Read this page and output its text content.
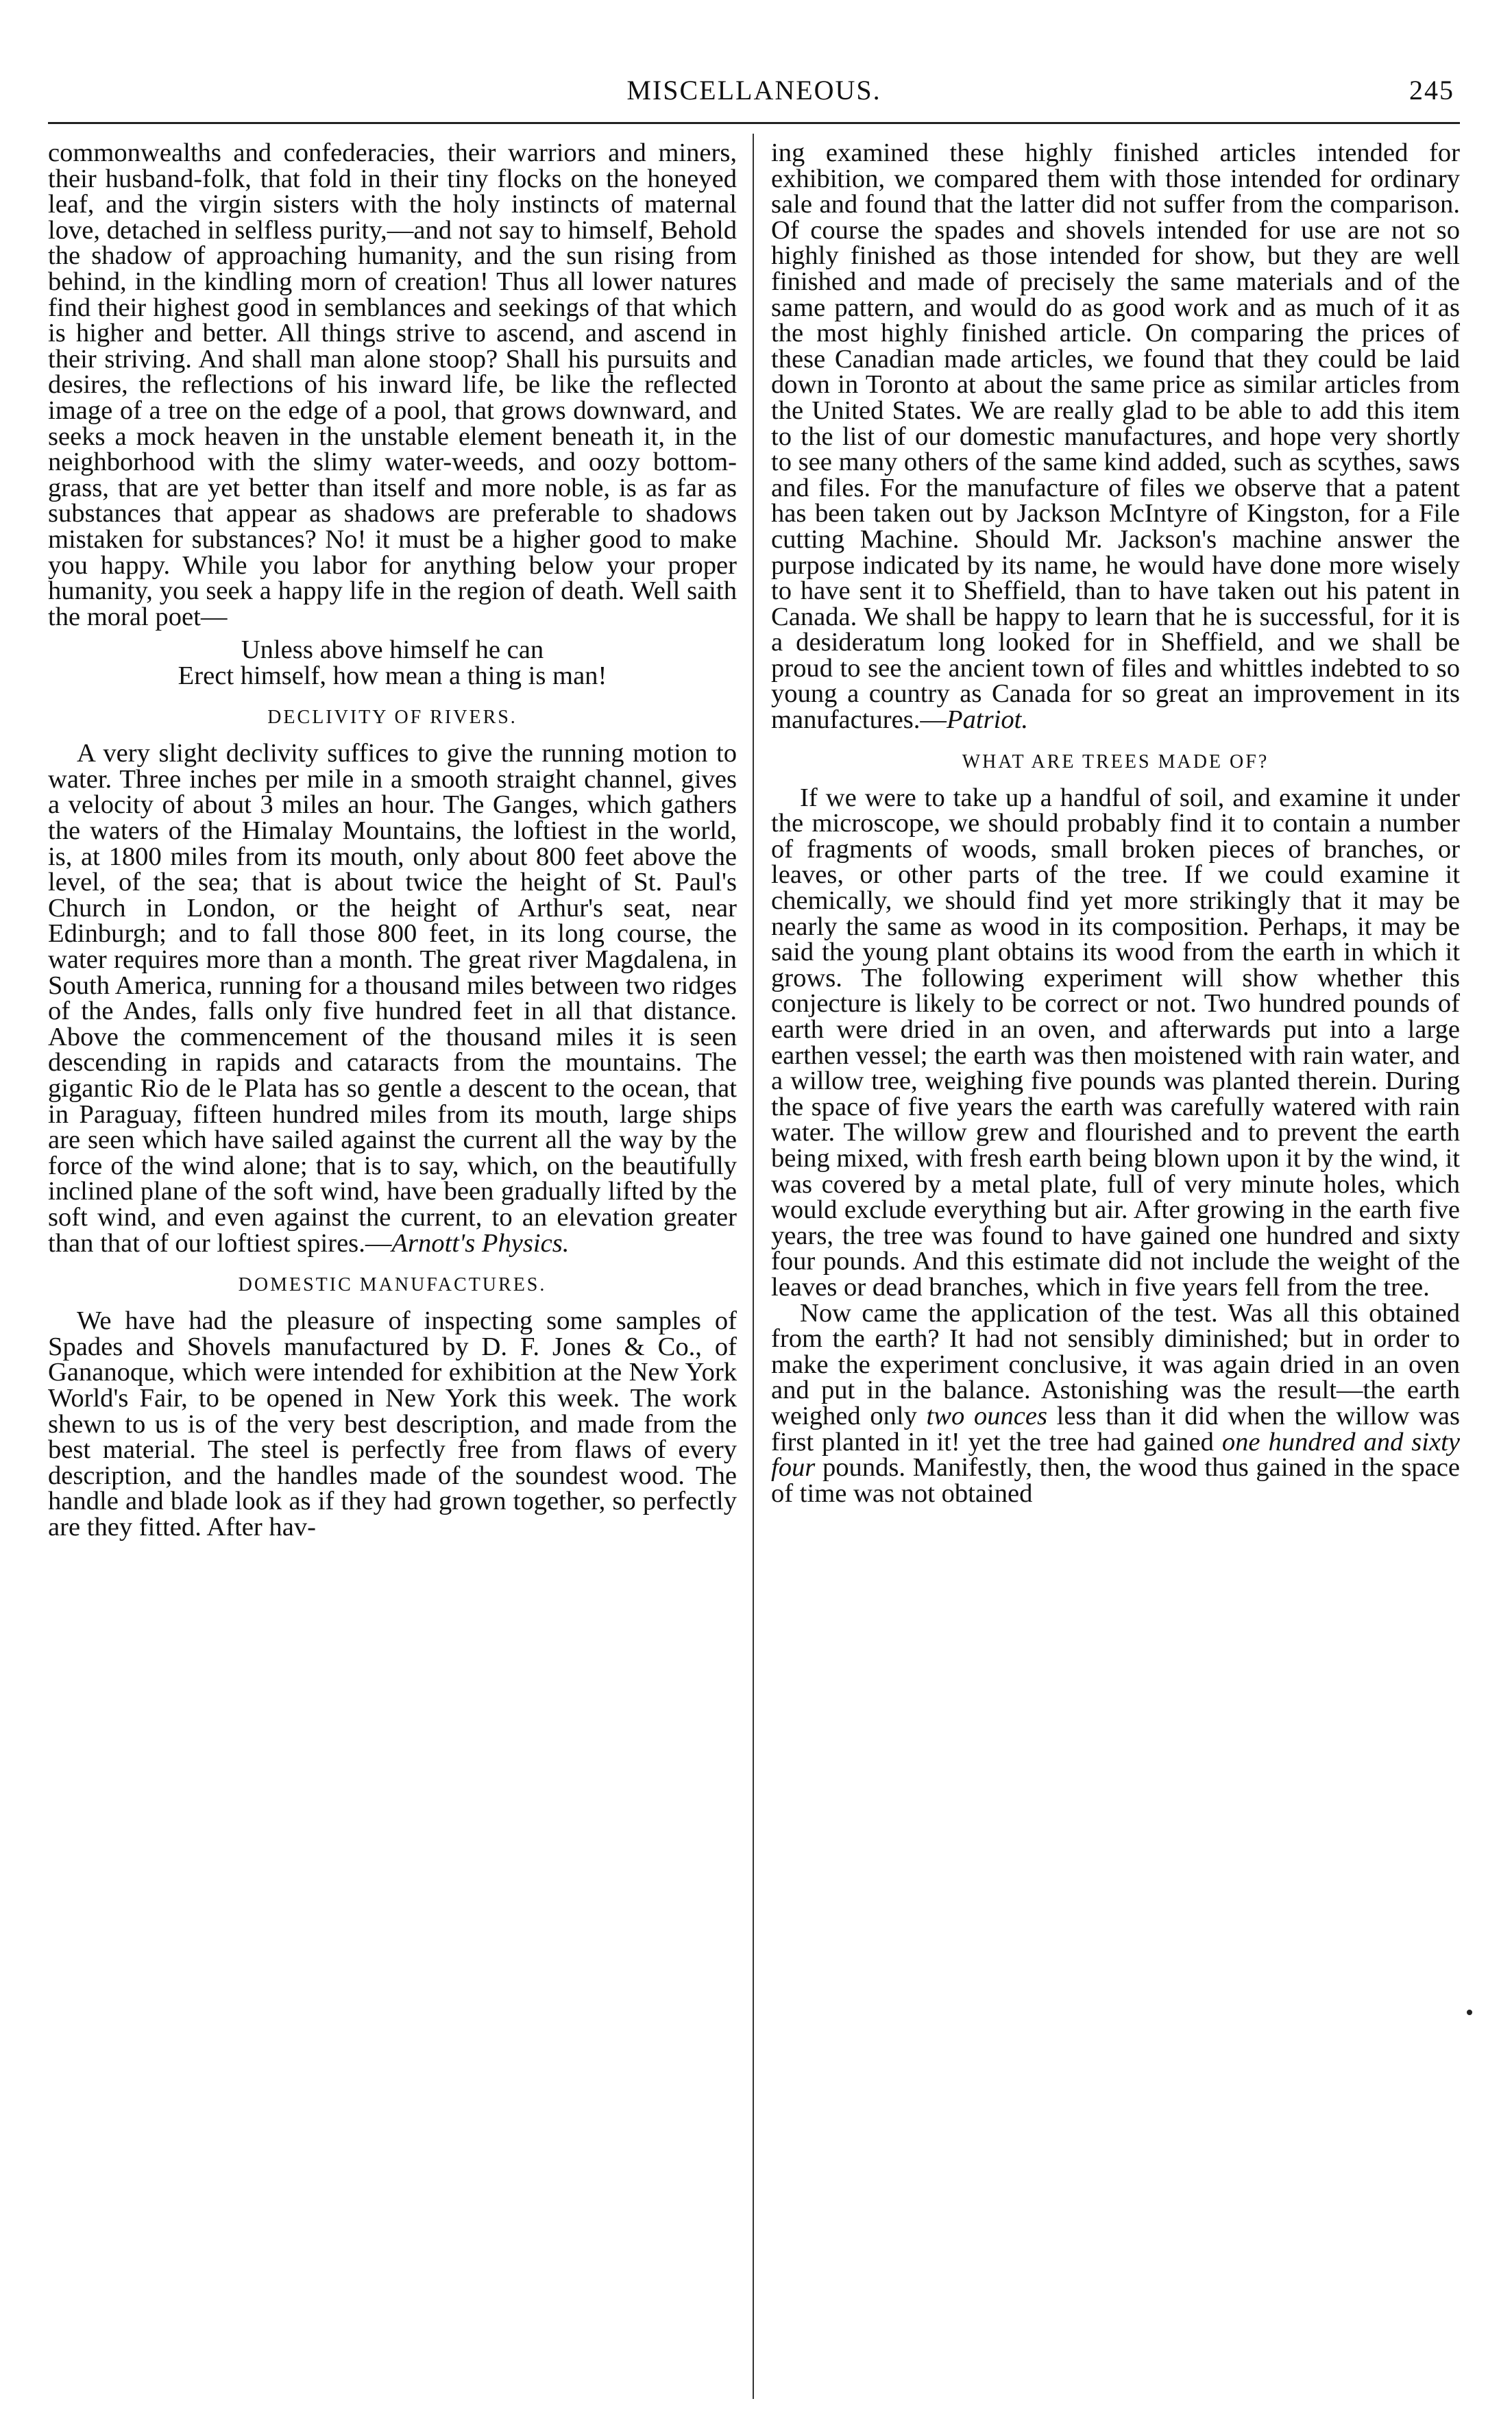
MISCELLANEOUS.	245

commonwealths and confederacies, their warriors and miners, their husband-folk, that fold in their tiny flocks on the honeyed leaf, and the virgin sisters with the holy instincts of maternal love, detached in selfless purity,—and not say to himself, Behold the shadow of approaching humanity, and the sun rising from behind, in the kindling morn of creation! Thus all lower natures find their highest good in semblances and seekings of that which is higher and better. All things strive to ascend, and ascend in their striving. And shall man alone stoop? Shall his pursuits and desires, the reflections of his inward life, be like the reflected image of a tree on the edge of a pool, that grows downward, and seeks a mock heaven in the unstable element beneath it, in the neighborhood with the slimy water-weeds, and oozy bottom-grass, that are yet better than itself and more noble, is as far as substances that appear as shadows are preferable to shadows mistaken for substances? No! it must be a higher good to make you happy. While you labor for anything below your proper humanity, you seek a happy life in the region of death. Well saith the moral poet—

Unless above himself he can
Erect himself, how mean a thing is man!
DECLIVITY OF RIVERS.

A very slight declivity suffices to give the running motion to water. Three inches per mile in a smooth straight channel, gives a velocity of about 3 miles an hour. The Ganges, which gathers the waters of the Himalay Mountains, the loftiest in the world, is, at 1800 miles from its mouth, only about 800 feet above the level, of the sea; that is about twice the height of St. Paul's Church in London, or the height of Arthur's seat, near Edinburgh; and to fall those 800 feet, in its long course, the water requires more than a month. The great river Magdalena, in South America, running for a thousand miles between two ridges of the Andes, falls only five hundred feet in all that distance. Above the commencement of the thousand miles it is seen descending in rapids and cataracts from the mountains. The gigantic Rio de le Plata has so gentle a descent to the ocean, that in Paraguay, fifteen hundred miles from its mouth, large ships are seen which have sailed against the current all the way by the force of the wind alone; that is to say, which, on the beautifully inclined plane of the soft wind, have been gradually lifted by the soft wind, and even against the current, to an elevation greater than that of our loftiest spires.—Arnott's Physics.

DOMESTIC MANUFACTURES.

We have had the pleasure of inspecting some samples of Spades and Shovels manufactured by D. F. Jones & Co., of Gananoque, which were intended for exhibition at the New York World's Fair, to be opened in New York this week. The work shewn to us is of the very best description, and made from the best material. The steel is perfectly free from flaws of every description, and the handles made of the soundest wood. The handle and blade look as if they had grown together, so perfectly are they fitted. After hav-

ing examined these highly finished articles intended for exhibition, we compared them with those intended for ordinary sale and found that the latter did not suffer from the comparison. Of course the spades and shovels intended for use are not so highly finished as those intended for show, but they are well finished and made of precisely the same materials and of the same pattern, and would do as good work and as much of it as the most highly finished article. On comparing the prices of these Canadian made articles, we found that they could be laid down in Toronto at about the same price as similar articles from the United States. We are really glad to be able to add this item to the list of our domestic manufactures, and hope very shortly to see many others of the same kind added, such as scythes, saws and files. For the manufacture of files we observe that a patent has been taken out by Jackson McIntyre of Kingston, for a File cutting Machine. Should Mr. Jackson's machine answer the purpose indicated by its name, he would have done more wisely to have sent it to Sheffield, than to have taken out his patent in Canada. We shall be happy to learn that he is successful, for it is a desideratum long looked for in Sheffield, and we shall be proud to see the ancient town of files and whittles indebted to so young a country as Canada for so great an improvement in its manufactures.—Patriot.

WHAT ARE TREES MADE OF?

If we were to take up a handful of soil, and examine it under the microscope, we should probably find it to contain a number of fragments of woods, small broken pieces of branches, or leaves, or other parts of the tree. If we could examine it chemically, we should find yet more strikingly that it may be nearly the same as wood in its composition. Perhaps, it may be said the young plant obtains its wood from the earth in which it grows. The following experiment will show whether this conjecture is likely to be correct or not. Two hundred pounds of earth were dried in an oven, and afterwards put into a large earthen vessel; the earth was then moistened with rain water, and a willow tree, weighing five pounds was planted therein. During the space of five years the earth was carefully watered with rain water. The willow grew and flourished and to prevent the earth being mixed, with fresh earth being blown upon it by the wind, it was covered by a metal plate, full of very minute holes, which would exclude everything but air. After growing in the earth five years, the tree was found to have gained one hundred and sixty four pounds. And this estimate did not include the weight of the leaves or dead branches, which in five years fell from the tree.

Now came the application of the test. Was all this obtained from the earth? It had not sensibly diminished; but in order to make the experiment conclusive, it was again dried in an oven and put in the balance. Astonishing was the result—the earth weighed only two ounces less than it did when the willow was first planted in it! yet the tree had gained one hundred and sixty four pounds. Manifestly, then, the wood thus gained in the space of time was not obtained
